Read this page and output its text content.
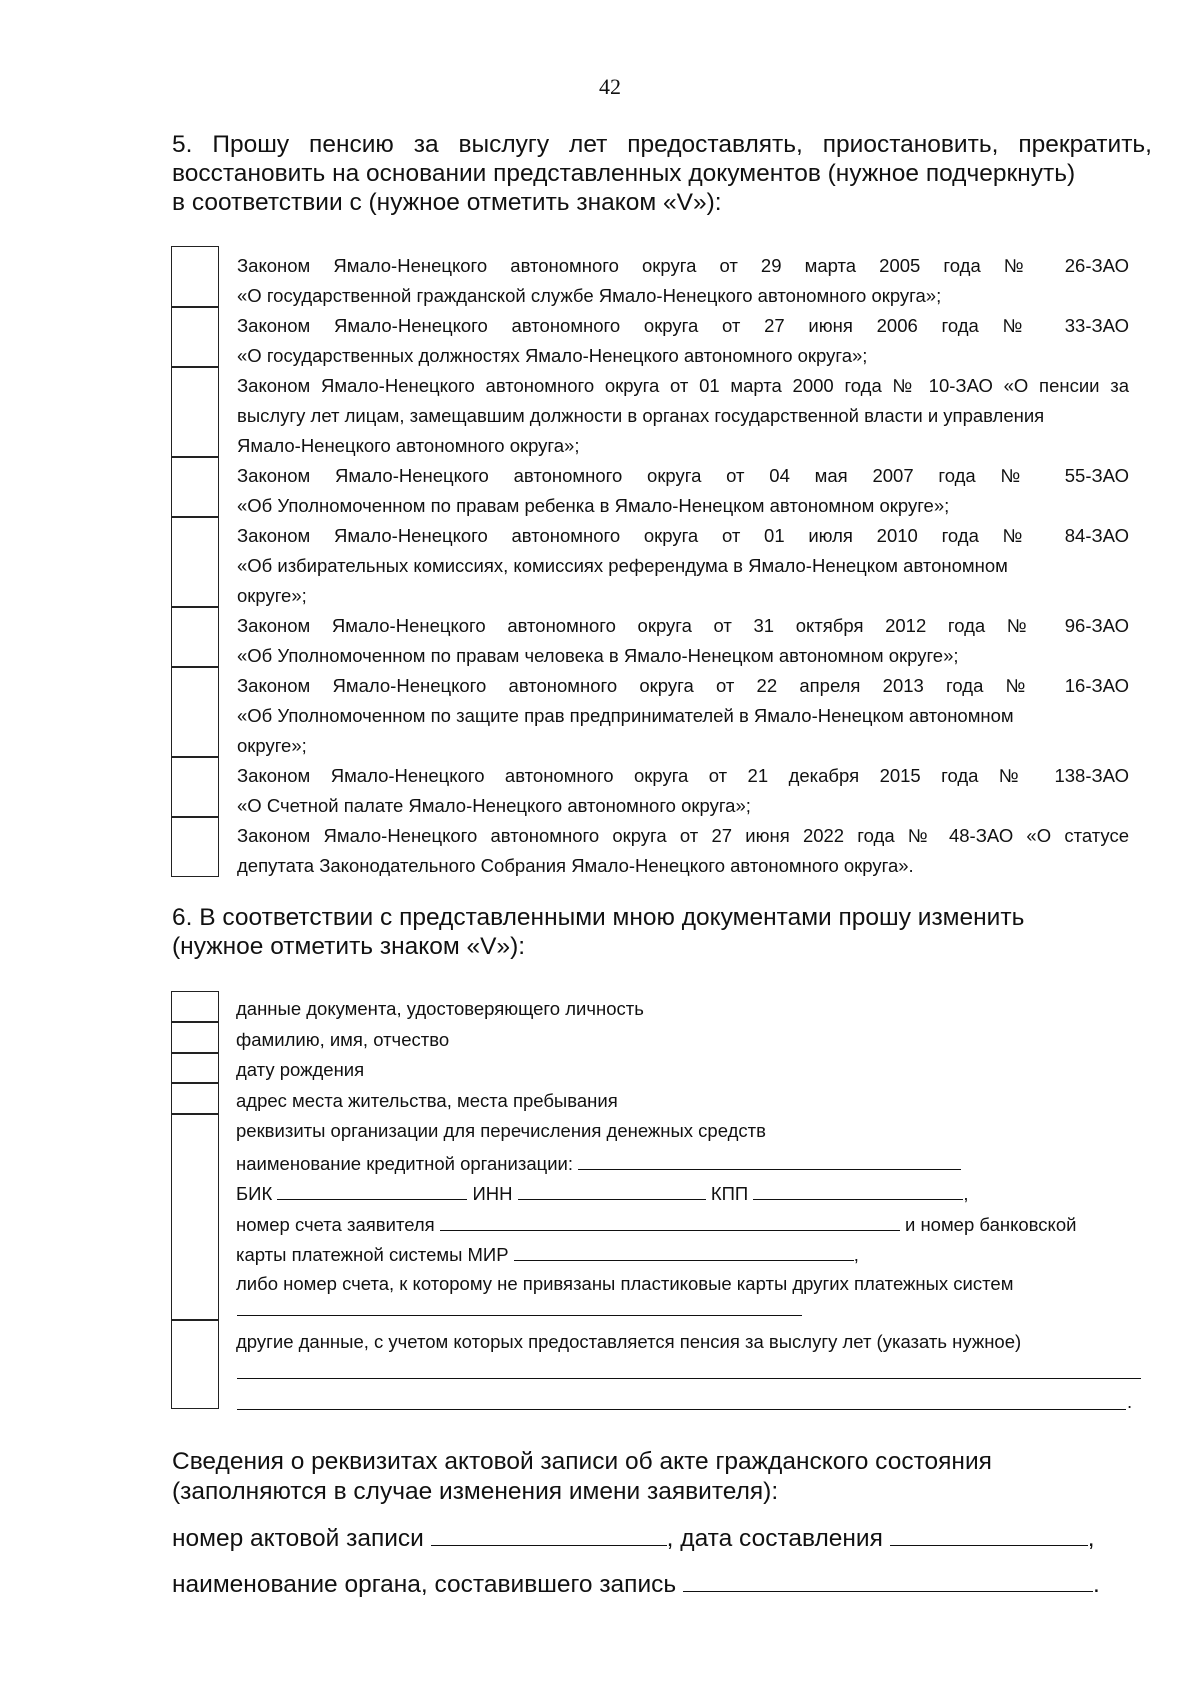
42
5. Прошу пенсию за выслугу лет предоставлять, приостановить, прекратить,
восстановить на основании представленных документов (нужное подчеркнуть)
в соответствии с (нужное отметить знаком «V»):
Законом Ямало-Ненецкого автономного округа от 29 марта 2005 года № 26-ЗАО
«О государственной гражданской службе Ямало-Ненецкого автономного округа»;
Законом Ямало-Ненецкого автономного округа от 27 июня 2006 года № 33-ЗАО
«О государственных должностях Ямало-Ненецкого автономного округа»;
Законом Ямало-Ненецкого автономного округа от 01 марта 2000 года № 10-ЗАО «О пенсии за
выслугу лет лицам, замещавшим должности в органах государственной власти и управления
Ямало-Ненецкого автономного округа»;
Законом Ямало-Ненецкого автономного округа от 04 мая 2007 года № 55-ЗАО
«Об Уполномоченном по правам ребенка в Ямало-Ненецком автономном округе»;
Законом Ямало-Ненецкого автономного округа от 01 июля 2010 года № 84-ЗАО
«Об избирательных комиссиях, комиссиях референдума в Ямало-Ненецком автономном
округе»;
Законом Ямало-Ненецкого автономного округа от 31 октября 2012 года № 96-ЗАО
«Об Уполномоченном по правам человека в Ямало-Ненецком автономном округе»;
Законом Ямало-Ненецкого автономного округа от 22 апреля 2013 года № 16-ЗАО
«Об Уполномоченном по защите прав предпринимателей в Ямало-Ненецком автономном
округе»;
Законом Ямало-Ненецкого автономного округа от 21 декабря 2015 года № 138-ЗАО
«О Счетной палате Ямало-Ненецкого автономного округа»;
Законом Ямало-Ненецкого автономного округа от 27 июня 2022 года № 48-ЗАО «О статусе
депутата Законодательного Собрания Ямало-Ненецкого автономного округа».
6. В соответствии с представленными мною документами прошу изменить
(нужное отметить знаком «V»):
данные документа, удостоверяющего личность
фамилию, имя, отчество
дату рождения
адрес места жительства, места пребывания
реквизиты организации для перечисления денежных средств
наименование кредитной организации:
БИК	ИНН	КПП	,
номер счета заявителя	и номер банковской
карты платежной системы МИР	,
либо номер счета, к которому не привязаны пластиковые карты других платежных систем
другие данные, с учетом которых предоставляется пенсия за выслугу лет (указать нужное)
.
Сведения о реквизитах актовой записи об акте гражданского состояния
(заполняются в случае изменения имени заявителя):
номер актовой записи	, дата составления	,
наименование органа, составившего запись	.
